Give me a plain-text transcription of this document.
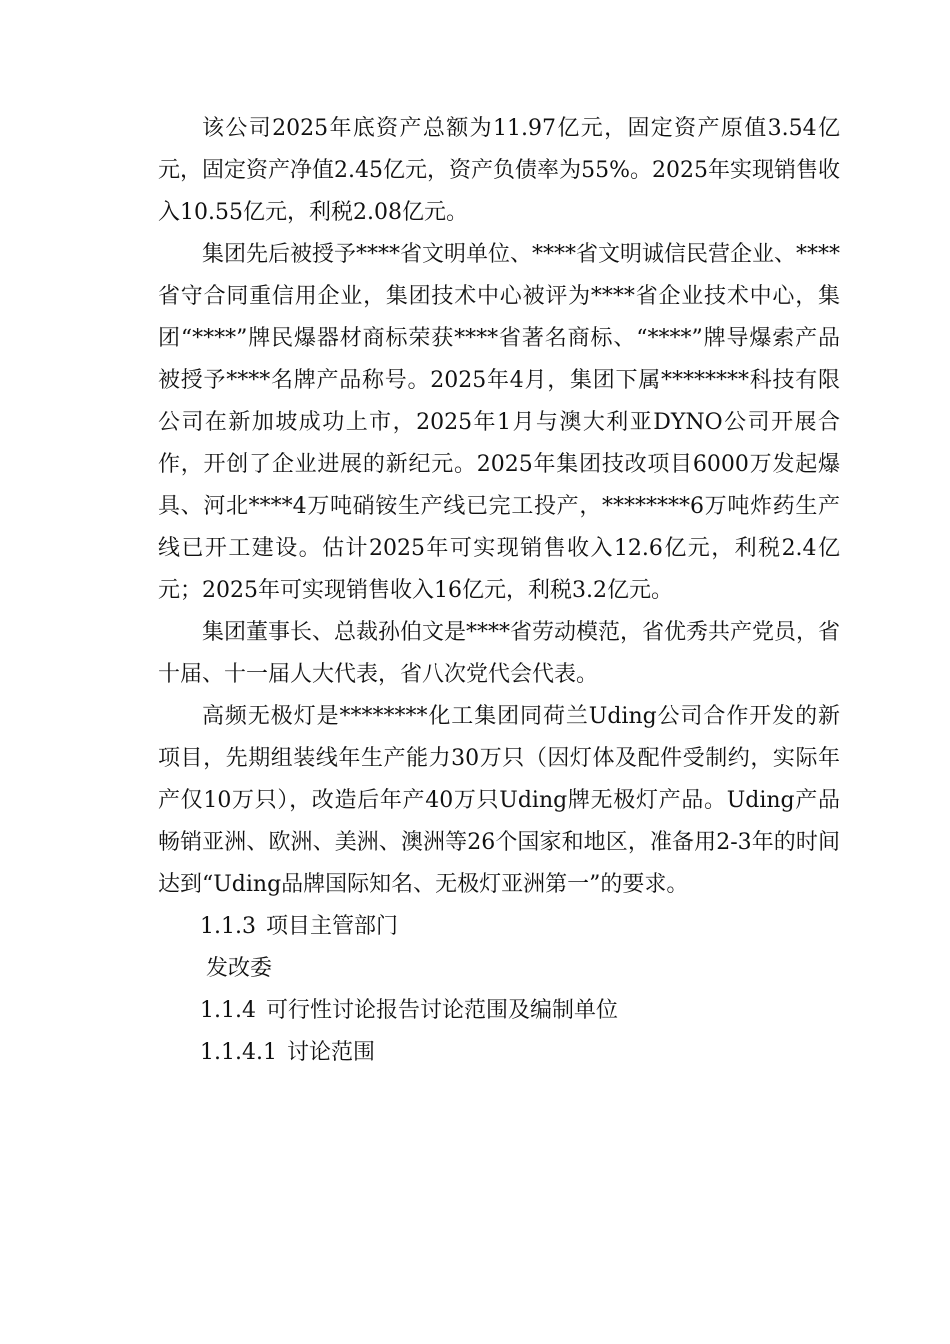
该公司2025年底资产总额为11.97亿元，固定资产原值3.54亿元，固定资产净值2.45亿元，资产负债率为55%。2025年实现销售收入10.55亿元，利税2.08亿元。

集团先后被授予****省文明单位、****省文明诚信民营企业、****省守合同重信用企业，集团技术中心被评为****省企业技术中心，集团“****”牌民爆器材商标荣获****省著名商标、“****”牌导爆索产品被授予****名牌产品称号。2025年4月，集团下属********科技有限公司在新加坡成功上市，2025年1月与澳大利亚DYNO公司开展合作，开创了企业进展的新纪元。2025年集团技改项目6000万发起爆具、河北****4万吨硝铵生产线已完工投产，********6万吨炸药生产线已开工建设。估计2025年可实现销售收入12.6亿元，利税2.4亿元；2025年可实现销售收入16亿元，利税3.2亿元。

集团董事长、总裁孙伯文是****省劳动模范，省优秀共产党员，省十届、十一届人大代表，省八次党代会代表。

高频无极灯是********化工集团同荷兰Uding公司合作开发的新项目，先期组装线年生产能力30万只（因灯体及配件受制约，实际年产仅10万只），改造后年产40万只Uding牌无极灯产品。Uding产品畅销亚洲、欧洲、美洲、澳洲等26个国家和地区，准备用2-3年的时间达到“Uding品牌国际知名、无极灯亚洲第一”的要求。

1.1.3 项目主管部门
发改委
1.1.4 可行性讨论报告讨论范围及编制单位
1.1.4.1 讨论范围
